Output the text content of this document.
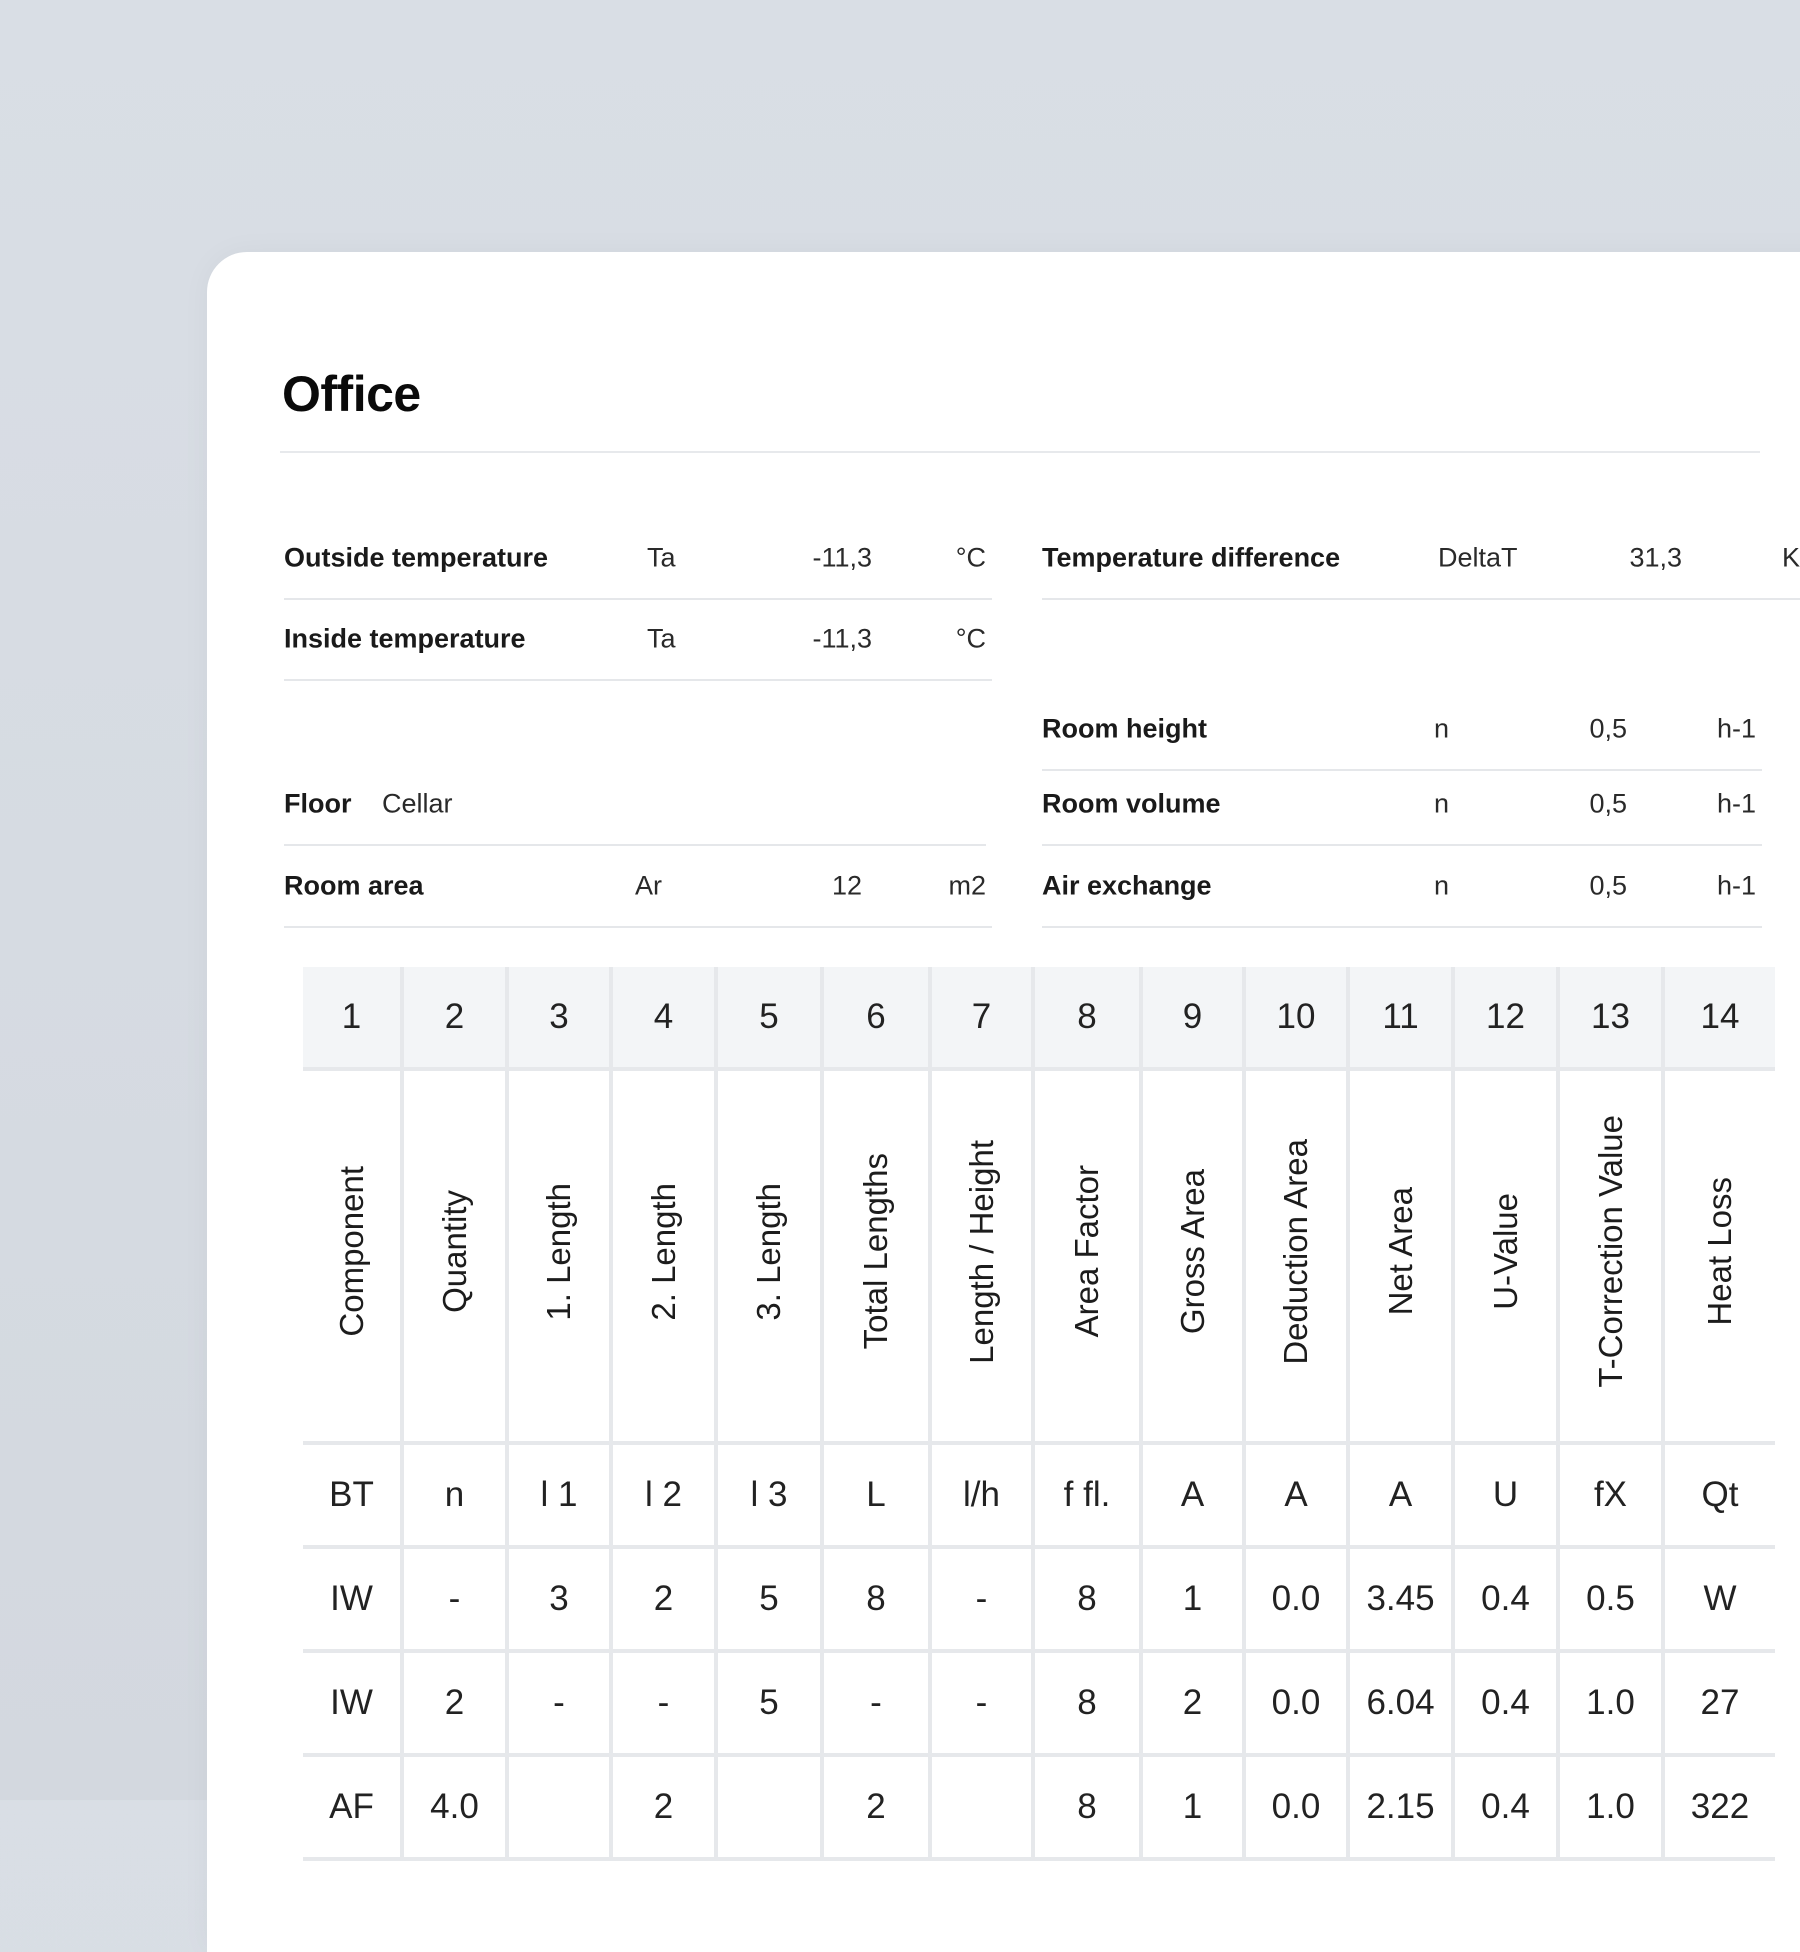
Office
Outside temperature	Ta	-11,3	°C
Inside temperature	Ta	-11,3	°C
Floor Cellar
Room area	Ar	12	m2
Temperature difference	DeltaT	31,3	K
Room height	n	0,5	h-1
Room volume	n	0,5	h-1
Air exchange	n	0,5	h-1
1	2	3	4	5	6	7	8	9	10	11	12	13	14
Component	Quantity	1. Length	2. Length	3. Length	Total Lengths	Length / Height	Area Factor	Gross Area	Deduction Area	Net Area	U-Value	T-Correction Value	Heat Loss
BT	n	l 1	l 2	l 3	L	l/h	f fl.	A	A	A	U	fX	Qt
IW	-	3	2	5	8	-	8	1	0.0	3.45	0.4	0.5	W
IW	2	-	-	5	-	-	8	2	0.0	6.04	0.4	1.0	27
AF	4.0		2		2		8	1	0.0	2.15	0.4	1.0	322
